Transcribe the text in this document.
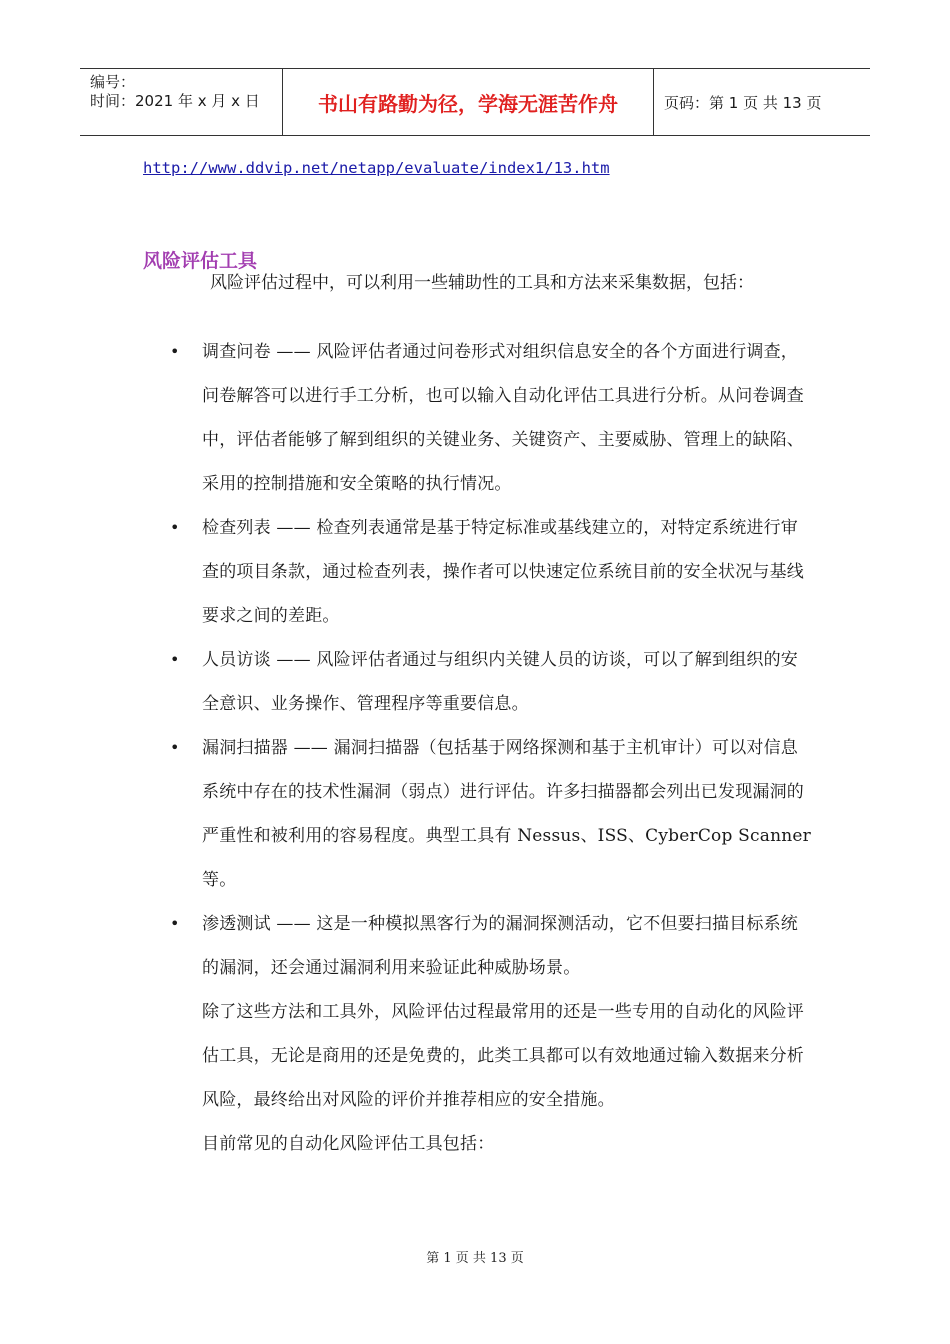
编号：
时间：2021 年 x 月 x 日	书山有路勤为径，学海无涯苦作舟	页码：第 1 页 共 13 页
http://www.ddvip.net/netapp/evaluate/index1/13.htm
风险评估工具
风险评估过程中，可以利用一些辅助性的工具和方法来采集数据，包括：
• 调查问卷 —— 风险评估者通过问卷形式对组织信息安全的各个方面进行调查，问卷解答可以进行手工分析，也可以输入自动化评估工具进行分析。从问卷调查中，评估者能够了解到组织的关键业务、关键资产、主要威胁、管理上的缺陷、采用的控制措施和安全策略的执行情况。
• 检查列表 —— 检查列表通常是基于特定标准或基线建立的，对特定系统进行审查的项目条款，通过检查列表，操作者可以快速定位系统目前的安全状况与基线要求之间的差距。
• 人员访谈 —— 风险评估者通过与组织内关键人员的访谈，可以了解到组织的安全意识、业务操作、管理程序等重要信息。
• 漏洞扫描器 —— 漏洞扫描器（包括基于网络探测和基于主机审计）可以对信息系统中存在的技术性漏洞（弱点）进行评估。许多扫描器都会列出已发现漏洞的严重性和被利用的容易程度。典型工具有 Nessus、ISS、CyberCop Scanner 等。
• 渗透测试 —— 这是一种模拟黑客行为的漏洞探测活动，它不但要扫描目标系统的漏洞，还会通过漏洞利用来验证此种威胁场景。
除了这些方法和工具外，风险评估过程最常用的还是一些专用的自动化的风险评估工具，无论是商用的还是免费的，此类工具都可以有效地通过输入数据来分析风险，最终给出对风险的评价并推荐相应的安全措施。
目前常见的自动化风险评估工具包括：
第 1 页 共 13 页
